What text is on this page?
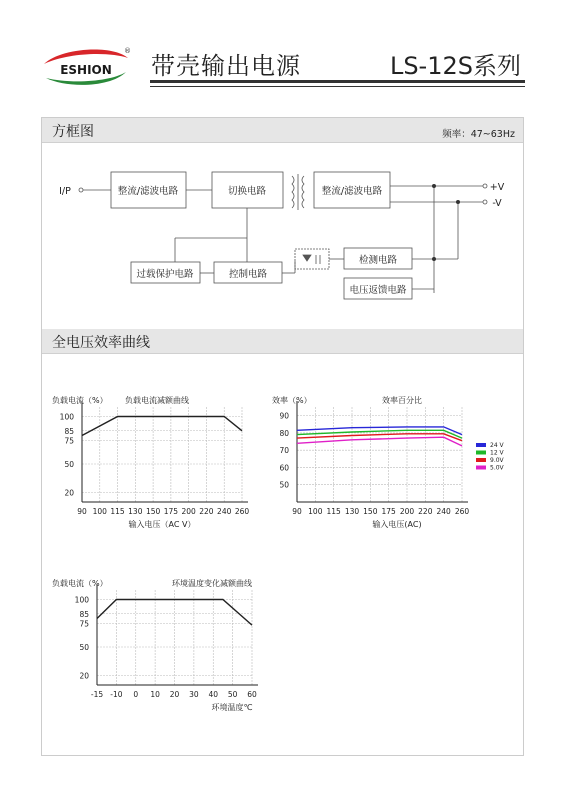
ESHION
®
带壳输出电源	LS-12S系列
方框图	频率：47~63Hz
I/P	整流/滤波电路	切换电路	整流/滤波电路
过载保护电路	控制电路
检测电路
电压返馈电路
+V
-V
全电压效率曲线
100
85
75
50
20
90 100 115 130 150 175 200 220 240 260
负载电流减额曲线
负载电流（%）
输入电压（AC V）
90
80
70
60
50
90 100 115 130 150 175 200 220 240 260
效率百分比
效率（%）
输入电压(AC)
24 V
12 V
9.0V
5.0V
100
85
75
50
20
-15 -10 0 10 20 30 40 50 60
环境温度变化减额曲线
负载电流（%）
环境温度℃
